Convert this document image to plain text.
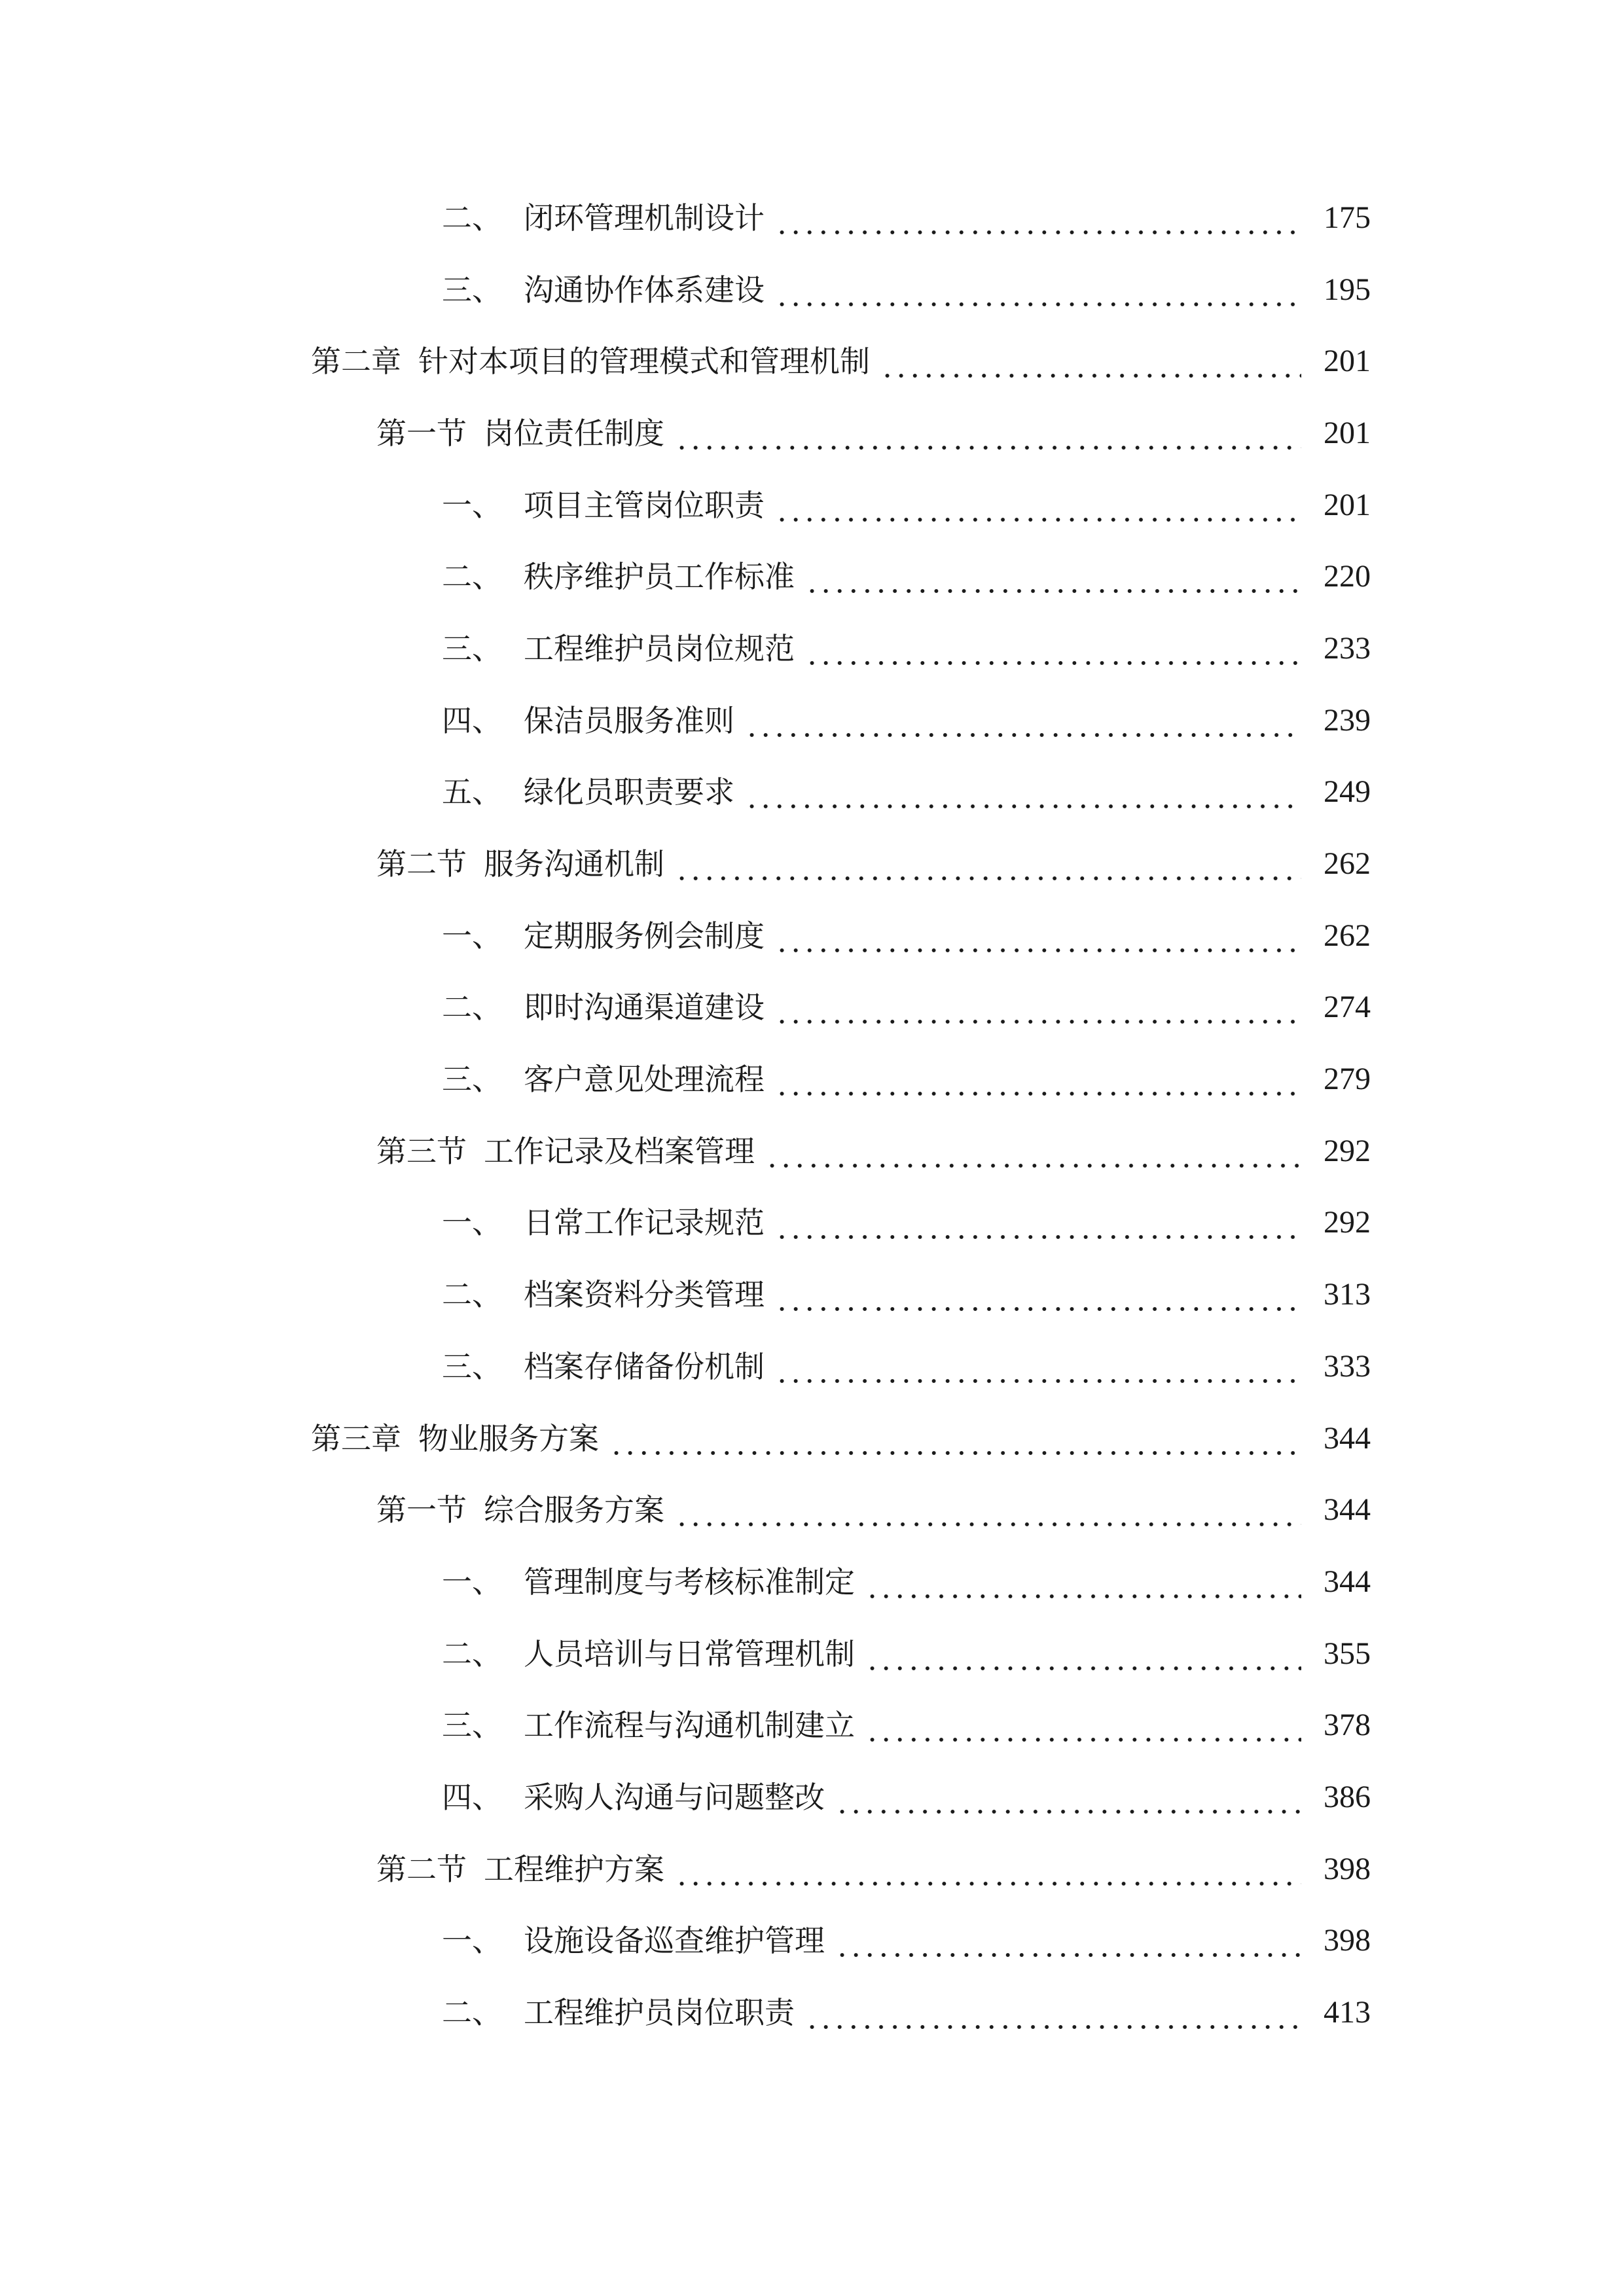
二、 闭环管理机制设计	175
三、 沟通协作体系建设	195
第二章 针对本项目的管理模式和管理机制	201
第一节 岗位责任制度	201
一、 项目主管岗位职责	201
二、 秩序维护员工作标准	220
三、 工程维护员岗位规范	233
四、 保洁员服务准则	239
五、 绿化员职责要求	249
第二节 服务沟通机制	262
一、 定期服务例会制度	262
二、 即时沟通渠道建设	274
三、 客户意见处理流程	279
第三节 工作记录及档案管理	292
一、 日常工作记录规范	292
二、 档案资料分类管理	313
三、 档案存储备份机制	333
第三章 物业服务方案	344
第一节 综合服务方案	344
一、 管理制度与考核标准制定	344
二、 人员培训与日常管理机制	355
三、 工作流程与沟通机制建立	378
四、 采购人沟通与问题整改	386
第二节 工程维护方案	398
一、 设施设备巡查维护管理	398
二、 工程维护员岗位职责	413
